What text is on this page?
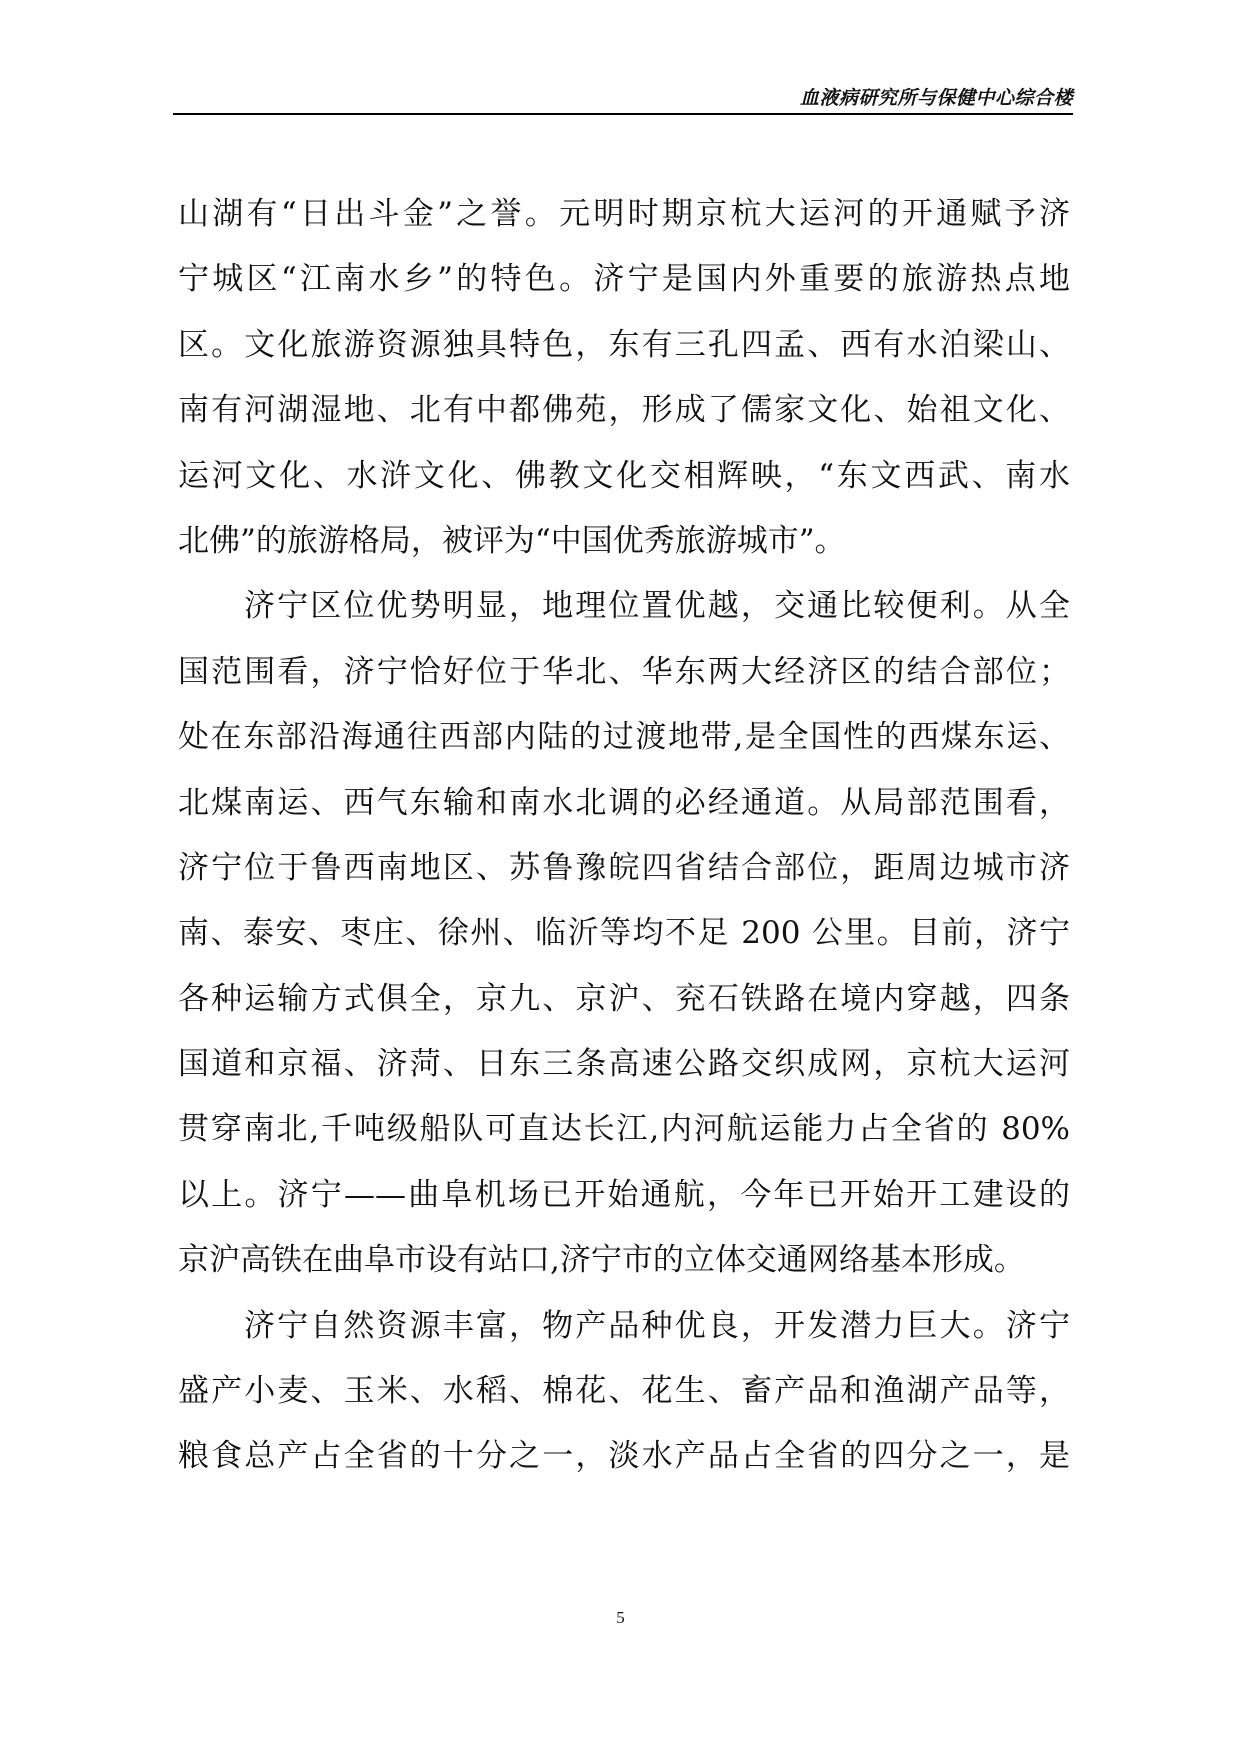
血液病研究所与保健中心综合楼
山湖有“日出斗金”之誉。元明时期京杭大运河的开通赋予济
宁城区“江南水乡”的特色。济宁是国内外重要的旅游热点地
区。文化旅游资源独具特色，东有三孔四孟、西有水泊梁山、
南有河湖湿地、北有中都佛苑，形成了儒家文化、始祖文化、
运河文化、水浒文化、佛教文化交相辉映，“东文西武、南水
北佛”的旅游格局，被评为“中国优秀旅游城市”。
济宁区位优势明显，地理位置优越，交通比较便利。从全
国范围看，济宁恰好位于华北、华东两大经济区的结合部位；
处在东部沿海通往西部内陆的过渡地带,是全国性的西煤东运、
北煤南运、西气东输和南水北调的必经通道。从局部范围看，
济宁位于鲁西南地区、苏鲁豫皖四省结合部位，距周边城市济
南、泰安、枣庄、徐州、临沂等均不足 200 公里。目前，济宁
各种运输方式俱全，京九、京沪、兖石铁路在境内穿越，四条
国道和京福、济菏、日东三条高速公路交织成网，京杭大运河
贯穿南北,千吨级船队可直达长江,内河航运能力占全省的 80%
以上。济宁——曲阜机场已开始通航，今年已开始开工建设的
京沪高铁在曲阜市设有站口,济宁市的立体交通网络基本形成。
济宁自然资源丰富，物产品种优良，开发潜力巨大。济宁
盛产小麦、玉米、水稻、棉花、花生、畜产品和渔湖产品等，
粮食总产占全省的十分之一，淡水产品占全省的四分之一，是
5
